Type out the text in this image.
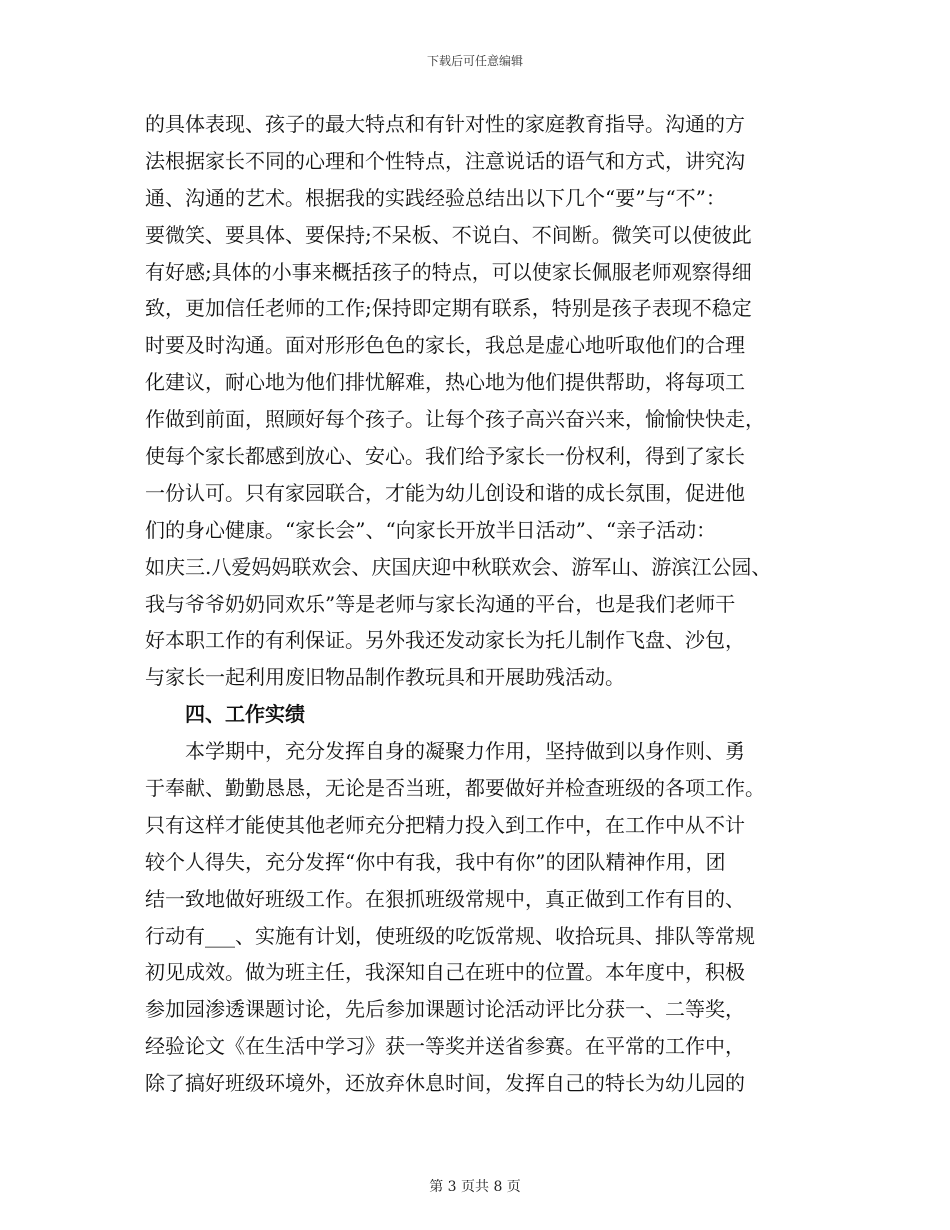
下载后可任意编辑
的具体表现、孩子的最大特点和有针对性的家庭教育指导。沟通的方
法根据家长不同的心理和个性特点，注意说话的语气和方式，讲究沟
通、沟通的艺术。根据我的实践经验总结出以下几个“要”与“不”：
要微笑、要具体、要保持;不呆板、不说白、不间断。微笑可以使彼此
有好感;具体的小事来概括孩子的特点，可以使家长佩服老师观察得细
致，更加信任老师的工作;保持即定期有联系，特别是孩子表现不稳定
时要及时沟通。面对形形色色的家长，我总是虚心地听取他们的合理
化建议，耐心地为他们排忧解难，热心地为他们提供帮助，将每项工
作做到前面，照顾好每个孩子。让每个孩子高兴奋兴来，愉愉快快走，
使每个家长都感到放心、安心。我们给予家长一份权利，得到了家长
一份认可。只有家园联合，才能为幼儿创设和谐的成长氛围，促进他
们的身心健康。“家长会”、“向家长开放半日活动”、“亲子活动：
如庆三.八爱妈妈联欢会、庆国庆迎中秋联欢会、游军山、游滨江公园、
我与爷爷奶奶同欢乐”等是老师与家长沟通的平台，也是我们老师干
好本职工作的有利保证。另外我还发动家长为托儿制作飞盘、沙包，
与家长一起利用废旧物品制作教玩具和开展助残活动。
四、工作实绩
本学期中，充分发挥自身的凝聚力作用，坚持做到以身作则、勇
于奉献、勤勤恳恳，无论是否当班，都要做好并检查班级的各项工作。
只有这样才能使其他老师充分把精力投入到工作中，在工作中从不计
较个人得失，充分发挥“你中有我，我中有你”的团队精神作用，团
结一致地做好班级工作。在狠抓班级常规中，真正做到工作有目的、
行动有___、实施有计划，使班级的吃饭常规、收拾玩具、排队等常规
初见成效。做为班主任，我深知自己在班中的位置。本年度中，积极
参加园渗透课题讨论，先后参加课题讨论活动评比分获一、二等奖，
经验论文《在生活中学习》获一等奖并送省参赛。在平常的工作中，
除了搞好班级环境外，还放弃休息时间，发挥自己的特长为幼儿园的
第 3 页共 8 页
